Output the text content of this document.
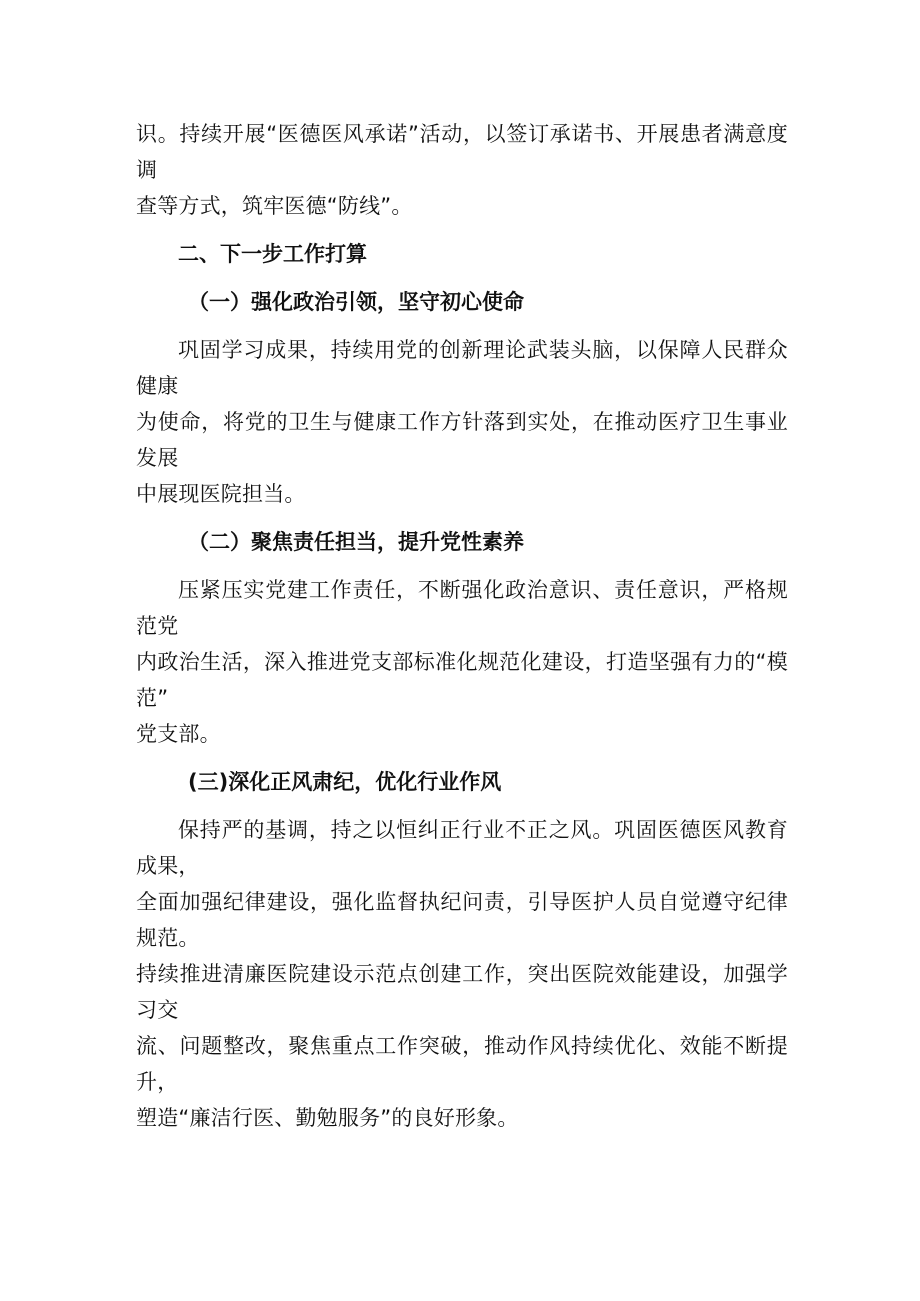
识。持续开展“医德医风承诺”活动，以签订承诺书、开展患者满意度调
查等方式，筑牢医德“防线”。

二、下一步工作打算
（一）强化政治引领，坚守初心使命

巩固学习成果，持续用党的创新理论武装头脑，以保障人民群众健康
为使命，将党的卫生与健康工作方针落到实处，在推动医疗卫生事业发展
中展现医院担当。

（二）聚焦责任担当，提升党性素养

压紧压实党建工作责任，不断强化政治意识、责任意识，严格规范党
内政治生活，深入推进党支部标准化规范化建设，打造坚强有力的“模范”
党支部。

(三)深化正风肃纪，优化行业作风

保持严的基调，持之以恒纠正行业不正之风。巩固医德医风教育成果，
全面加强纪律建设，强化监督执纪问责，引导医护人员自觉遵守纪律规范。
持续推进清廉医院建设示范点创建工作，突出医院效能建设，加强学习交
流、问题整改，聚焦重点工作突破，推动作风持续优化、效能不断提升，
塑造“廉洁行医、勤勉服务”的良好形象。
